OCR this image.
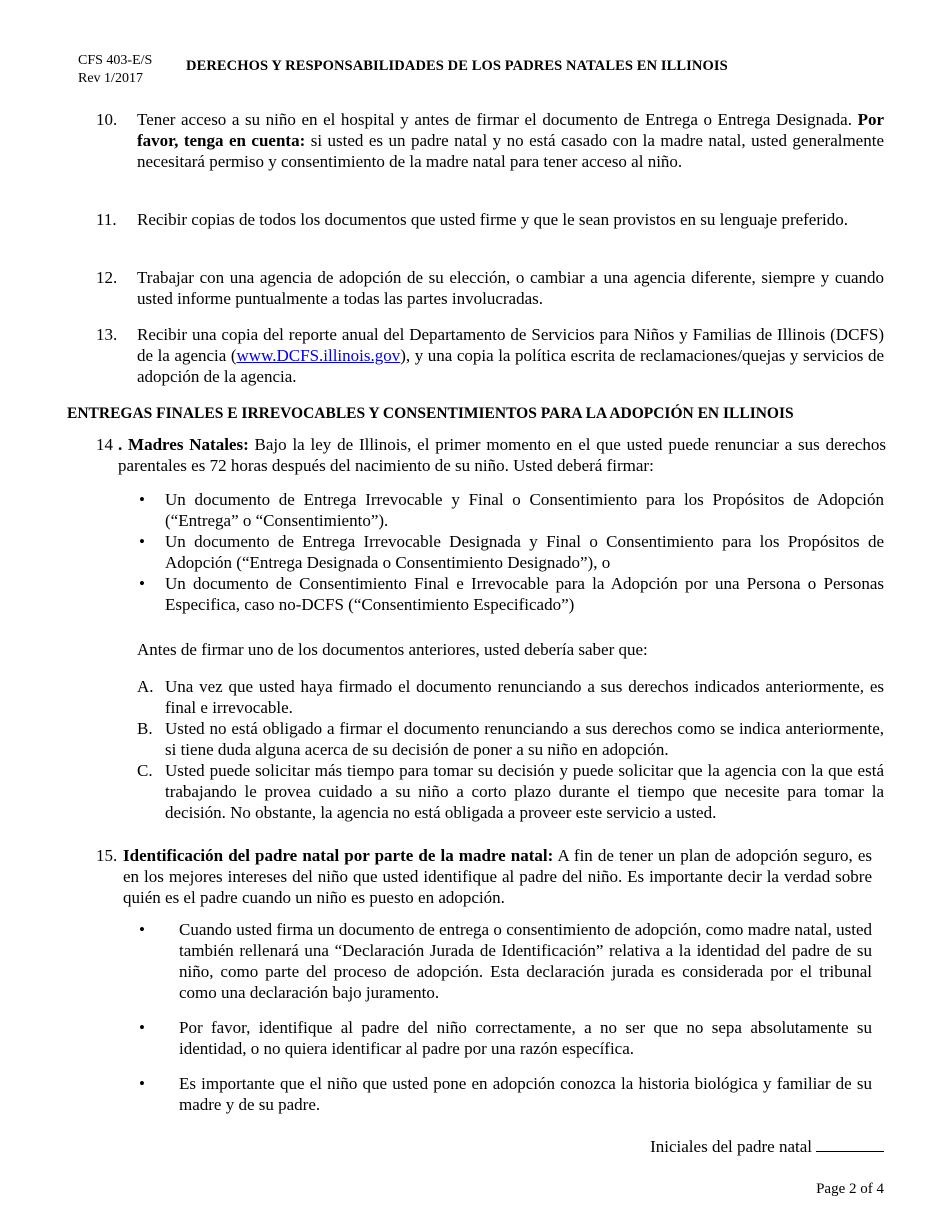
CFS 403-E/S
Rev 1/2017
DERECHOS Y RESPONSABILIDADES DE LOS PADRES NATALES EN ILLINOIS
10. Tener acceso a su niño en el hospital y antes de firmar el documento de Entrega o Entrega Designada. Por favor, tenga en cuenta: si usted es un padre natal y no está casado con la madre natal, usted generalmente necesitará permiso y consentimiento de la madre natal para tener acceso al niño.
11. Recibir copias de todos los documentos que usted firme y que le sean provistos en su lenguaje preferido.
12. Trabajar con una agencia de adopción de su elección, o cambiar a una agencia diferente, siempre y cuando usted informe puntualmente a todas las partes involucradas.
13. Recibir una copia del reporte anual del Departamento de Servicios para Niños y Familias de Illinois (DCFS) de la agencia (www.DCFS.illinois.gov), y una copia la política escrita de reclamaciones/quejas y servicios de adopción de la agencia.
ENTREGAS FINALES E IRREVOCABLES Y CONSENTIMIENTOS PARA LA ADOPCIÓN EN ILLINOIS
14 . Madres Natales: Bajo la ley de Illinois, el primer momento en el que usted puede renunciar a sus derechos parentales es 72 horas después del nacimiento de su niño. Usted deberá firmar:
• Un documento de Entrega Irrevocable y Final o Consentimiento para los Propósitos de Adopción (“Entrega” o “Consentimiento”).
• Un documento de Entrega Irrevocable Designada y Final o Consentimiento para los Propósitos de Adopción (“Entrega Designada o Consentimiento Designado”), o
• Un documento de Consentimiento Final e Irrevocable para la Adopción por una Persona o Personas Especifica, caso no-DCFS (“Consentimiento Especificado”)
Antes de firmar uno de los documentos anteriores, usted debería saber que:
A. Una vez que usted haya firmado el documento renunciando a sus derechos indicados anteriormente, es final e irrevocable.
B. Usted no está obligado a firmar el documento renunciando a sus derechos como se indica anteriormente, si tiene duda alguna acerca de su decisión de poner a su niño en adopción.
C. Usted puede solicitar más tiempo para tomar su decisión y puede solicitar que la agencia con la que está trabajando le provea cuidado a su niño a corto plazo durante el tiempo que necesite para tomar la decisión. No obstante, la agencia no está obligada a proveer este servicio a usted.
15. Identificación del padre natal por parte de la madre natal: A fin de tener un plan de adopción seguro, es en los mejores intereses del niño que usted identifique al padre del niño. Es importante decir la verdad sobre quién es el padre cuando un niño es puesto en adopción.
• Cuando usted firma un documento de entrega o consentimiento de adopción, como madre natal, usted también rellenará una “Declaración Jurada de Identificación” relativa a la identidad del padre de su niño, como parte del proceso de adopción. Esta declaración jurada es considerada por el tribunal como una declaración bajo juramento.
• Por favor, identifique al padre del niño correctamente, a no ser que no sepa absolutamente su identidad, o no quiera identificar al padre por una razón específica.
• Es importante que el niño que usted pone en adopción conozca la historia biológica y familiar de su madre y de su padre.
Iniciales del padre natal
Page 2 of 4
